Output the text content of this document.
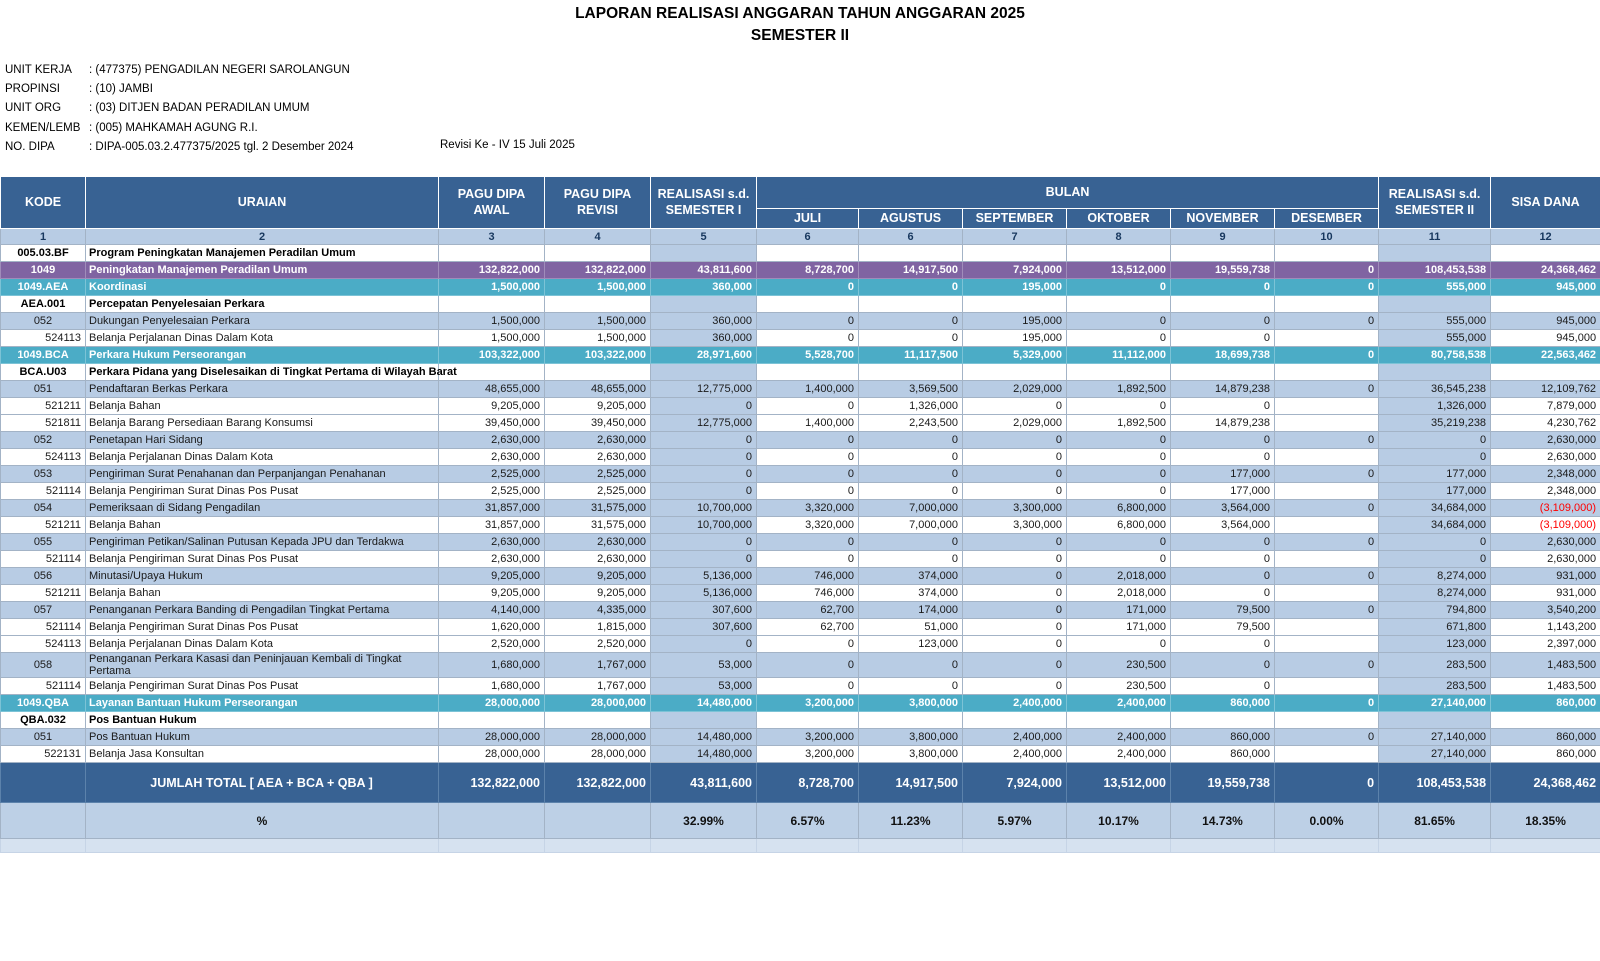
LAPORAN REALISASI ANGGARAN TAHUN ANGGARAN 2025
SEMESTER II
UNIT KERJA	: (477375) PENGADILAN NEGERI SAROLANGUN
PROPINSI	: (10) JAMBI
UNIT ORG	: (03) DITJEN BADAN PERADILAN UMUM
KEMEN/LEMB : (005) MAHKAMAH AGUNG R.I.
NO. DIPA	: DIPA-005.03.2.477375/2025 tgl. 2 Desember 2024	Revisi Ke - IV 15 Juli 2025
KODE	URAIAN	PAGU DIPA AWAL	PAGU DIPA REVISI	REALISASI s.d. SEMESTER I	BULAN						REALISASI s.d. SEMESTER II	SISA DANA
					JULI	AGUSTUS	SEPTEMBER	OKTOBER	NOVEMBER	DESEMBER		
1	2	3	4	5	6	6	7	8	9	10	11	12
005.03.BF	Program Peningkatan Manajemen Peradilan Umum											
1049	Peningkatan Manajemen Peradilan Umum	132,822,000	132,822,000	43,811,600	8,728,700	14,917,500	7,924,000	13,512,000	19,559,738	0	108,453,538	24,368,462
1049.AEA	Koordinasi	1,500,000	1,500,000	360,000	0	0	195,000	0	0	0	555,000	945,000
AEA.001	Percepatan Penyelesaian Perkara											
052	Dukungan Penyelesaian Perkara	1,500,000	1,500,000	360,000	0	0	195,000	0	0	0	555,000	945,000
524113	Belanja Perjalanan Dinas Dalam Kota	1,500,000	1,500,000	360,000	0	0	195,000	0	0		555,000	945,000
1049.BCA	Perkara Hukum Perseorangan	103,322,000	103,322,000	28,971,600	5,528,700	11,117,500	5,329,000	11,112,000	18,699,738	0	80,758,538	22,563,462
BCA.U03	Perkara Pidana yang Diselesaikan di Tingkat Pertama di Wilayah Barat											
051	Pendaftaran Berkas Perkara	48,655,000	48,655,000	12,775,000	1,400,000	3,569,500	2,029,000	1,892,500	14,879,238	0	36,545,238	12,109,762
521211	Belanja Bahan	9,205,000	9,205,000	0	0	1,326,000	0	0	0		1,326,000	7,879,000
521811	Belanja Barang Persediaan Barang Konsumsi	39,450,000	39,450,000	12,775,000	1,400,000	2,243,500	2,029,000	1,892,500	14,879,238		35,219,238	4,230,762
052	Penetapan Hari Sidang	2,630,000	2,630,000	0	0	0	0	0	0	0	0	2,630,000
524113	Belanja Perjalanan Dinas Dalam Kota	2,630,000	2,630,000	0	0	0	0	0	0		0	2,630,000
053	Pengiriman Surat Penahanan dan Perpanjangan Penahanan	2,525,000	2,525,000	0	0	0	0	0	177,000	0	177,000	2,348,000
521114	Belanja Pengiriman Surat Dinas Pos Pusat	2,525,000	2,525,000	0	0	0	0	0	177,000		177,000	2,348,000
054	Pemeriksaan di Sidang Pengadilan	31,857,000	31,575,000	10,700,000	3,320,000	7,000,000	3,300,000	6,800,000	3,564,000	0	34,684,000	(3,109,000)
521211	Belanja Bahan	31,857,000	31,575,000	10,700,000	3,320,000	7,000,000	3,300,000	6,800,000	3,564,000		34,684,000	(3,109,000)
055	Pengiriman Petikan/Salinan Putusan Kepada JPU dan Terdakwa	2,630,000	2,630,000	0	0	0	0	0	0	0	0	2,630,000
521114	Belanja Pengiriman Surat Dinas Pos Pusat	2,630,000	2,630,000	0	0	0	0	0	0		0	2,630,000
056	Minutasi/Upaya Hukum	9,205,000	9,205,000	5,136,000	746,000	374,000	0	2,018,000	0	0	8,274,000	931,000
521211	Belanja Bahan	9,205,000	9,205,000	5,136,000	746,000	374,000	0	2,018,000	0		8,274,000	931,000
057	Penanganan Perkara Banding di Pengadilan Tingkat Pertama	4,140,000	4,335,000	307,600	62,700	174,000	0	171,000	79,500	0	794,800	3,540,200
521114	Belanja Pengiriman Surat Dinas Pos Pusat	1,620,000	1,815,000	307,600	62,700	51,000	0	171,000	79,500		671,800	1,143,200
524113	Belanja Perjalanan Dinas Dalam Kota	2,520,000	2,520,000	0	0	123,000	0	0	0		123,000	2,397,000
058	Penanganan Perkara Kasasi dan Peninjauan Kembali di Tingkat Pertama	1,680,000	1,767,000	53,000	0	0	0	230,500	0	0	283,500	1,483,500
521114	Belanja Pengiriman Surat Dinas Pos Pusat	1,680,000	1,767,000	53,000	0	0	0	230,500	0		283,500	1,483,500
1049.QBA	Layanan Bantuan Hukum Perseorangan	28,000,000	28,000,000	14,480,000	3,200,000	3,800,000	2,400,000	2,400,000	860,000	0	27,140,000	860,000
QBA.032	Pos Bantuan Hukum											
051	Pos Bantuan Hukum	28,000,000	28,000,000	14,480,000	3,200,000	3,800,000	2,400,000	2,400,000	860,000	0	27,140,000	860,000
522131	Belanja Jasa Konsultan	28,000,000	28,000,000	14,480,000	3,200,000	3,800,000	2,400,000	2,400,000	860,000		27,140,000	860,000
	JUMLAH TOTAL [ AEA + BCA + QBA ]	132,822,000	132,822,000	43,811,600	8,728,700	14,917,500	7,924,000	13,512,000	19,559,738	0	108,453,538	24,368,462
	%			32.99%	6.57%	11.23%	5.97%	10.17%	14.73%	0.00%	81.65%	18.35%
